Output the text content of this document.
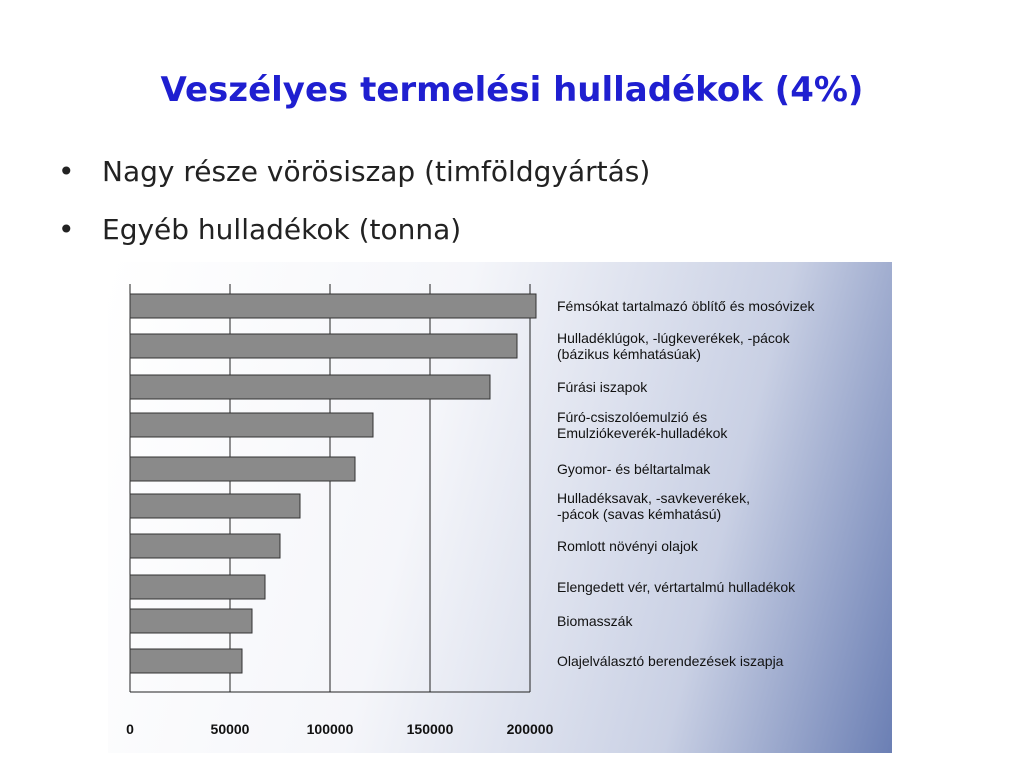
Veszélyes termelési hulladékok (4%)
• Nagy része vörösiszap (timföldgyártás)
• Egyéb hulladékok (tonna)
Fémsókat tartalmazó öblítő és mosóvizek
Hulladéklúgok, -lúgkeverékek, -pácok (bázikus kémhatásúak)
Fúrási iszapok
Fúró-csiszolóemulzió és Emulziókeverék-hulladékok
Gyomor- és béltartalmak
Hulladéksavak, -savkeverékek, -pácok (savas kémhatású)
Romlott növényi olajok
Elengedett vér, vértartalmú hulladékok
Biomasszák
Olajelválasztó berendezések iszapja
0	50000	100000	150000	200000
